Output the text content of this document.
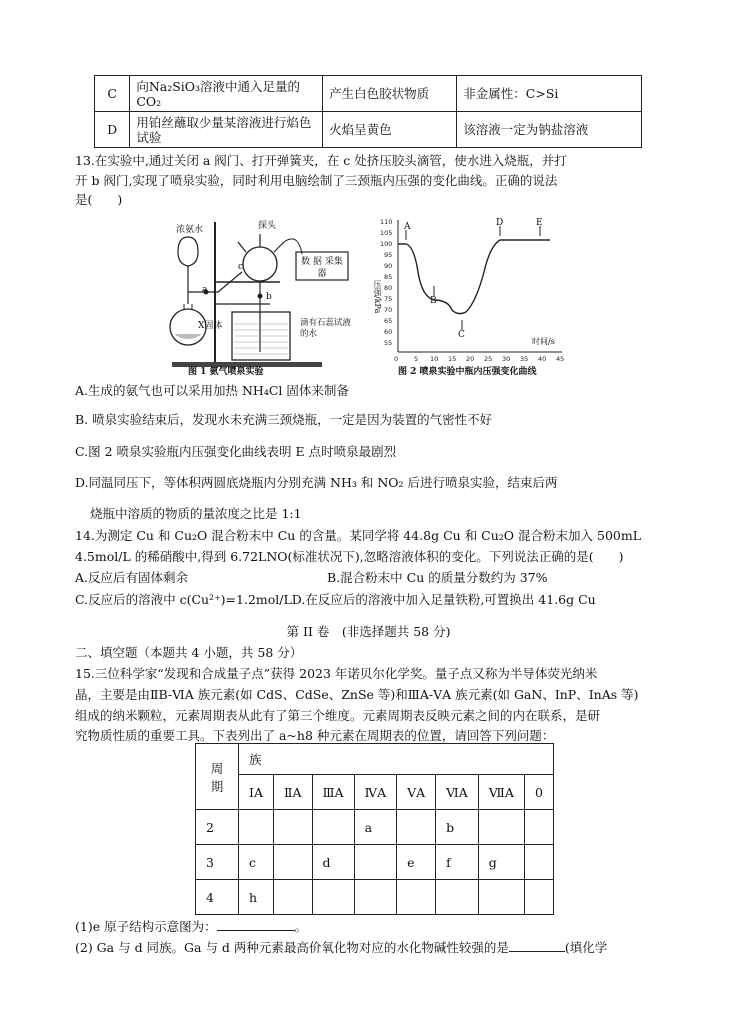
C	向Na₂SiO₃溶液中通入足量的CO₂	产生白色胶状物质	非金属性：C>Si
D	用铂丝蘸取少量某溶液进行焰色试验	火焰呈黄色	该溶液一定为钠盐溶液
13.在实验中,通过关闭 a 阀门、打开弹簧夹，在 c 处挤压胶头滴管，使水进入烧瓶，并打
开 b 阀门,实现了喷泉实验，同时利用电脑绘制了三颈瓶内压强的变化曲线。正确的说法
是(　　)
探头
浓氨水
X固体
数 据 采集器
滴有石蕊试液的水
a
b
c
图 1 氨气喷泉实验
110
105
100
95
90
85
80
75
70
65
60
55
0 5 10 15 20 25 30 35 40 45
A
B
C
D	E
压强/kPa
时间/s
图 2 喷泉实验中瓶内压强变化曲线
A.生成的氨气也可以采用加热 NH₄Cl 固体来制备
B. 喷泉实验结束后，发现水未充满三颈烧瓶，一定是因为装置的气密性不好
C.图 2 喷泉实验瓶内压强变化曲线表明 E 点时喷泉最剧烈
D.同温同压下，等体积两圆底烧瓶内分别充满 NH₃ 和 NO₂ 后进行喷泉实验，结束后两
烧瓶中溶质的物质的量浓度之比是 1:1
14.为测定 Cu 和 Cu₂O 混合粉末中 Cu 的含量。某同学将 44.8g Cu 和 Cu₂O 混合粉末加入 500mL
4.5mol/L 的稀硝酸中,得到 6.72LNO(标准状况下),忽略溶液体积的变化。下列说法正确的是(　　)
A.反应后有固体剩余	B.混合粉末中 Cu 的质量分数约为 37%
C.反应后的溶液中 c(Cu²⁺)=1.2mol/LD.在反应后的溶液中加入足量铁粉,可置换出 41.6g Cu
第 II 卷　(非选择题共 58 分)
二、填空题（本题共 4 小题，共 58 分）
15.三位科学家“发现和合成量子点”获得 2023 年诺贝尔化学奖。量子点又称为半导体荧光纳米
晶，主要是由ⅡB-ⅥA 族元素(如 CdS、CdSe、ZnSe 等)和ⅢA-ⅤA 族元素(如 GaN、InP、InAs 等)
组成的纳米颗粒，元素周期表从此有了第三个维度。元素周期表反映元素之间的内在联系，是研
究物质性质的重要工具。下表列出了 a~h8 种元素在周期表的位置，请回答下列问题：
周期	族							
	ⅠA	ⅡA	ⅢA	ⅣA	ⅤA	ⅥA	ⅦA	0
2				a		b		
3	c		d		e	f	g	
4	h							
(1)e 原子结构示意图为：	。
(2) Ga 与 d 同族。Ga 与 d 两种元素最高价氧化物对应的水化物碱性较强的是	(填化学
